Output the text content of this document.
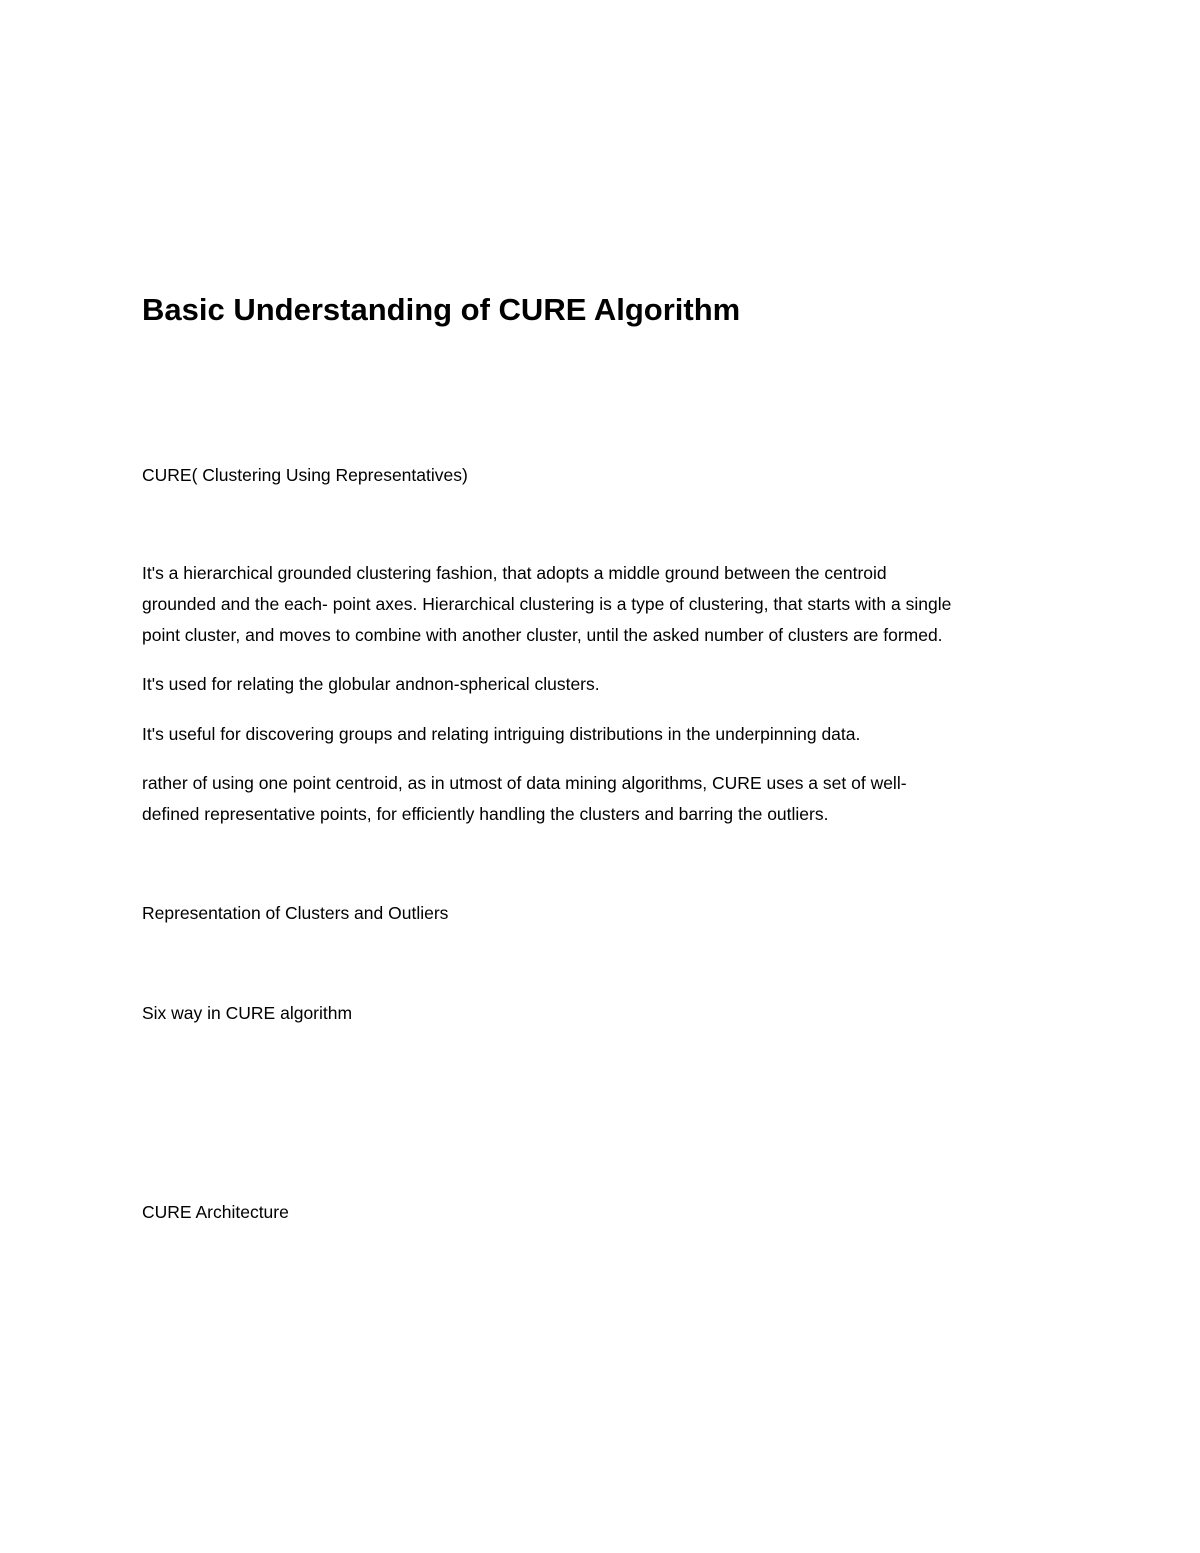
Basic Understanding of CURE Algorithm

CURE( Clustering Using Representatives)

It's a hierarchical grounded clustering fashion, that adopts a middle ground between the centroid
grounded and the each- point axes. Hierarchical clustering is a type of clustering, that starts with a single
point cluster, and moves to combine with another cluster, until the asked number of clusters are formed.

It's used for relating the globular andnon-spherical clusters.

It's useful for discovering groups and relating intriguing distributions in the underpinning data.

rather of using one point centroid, as in utmost of data mining algorithms, CURE uses a set of well-
defined representative points, for efficiently handling the clusters and barring the outliers.

Representation of Clusters and Outliers

Six way in CURE algorithm

CURE Architecture
